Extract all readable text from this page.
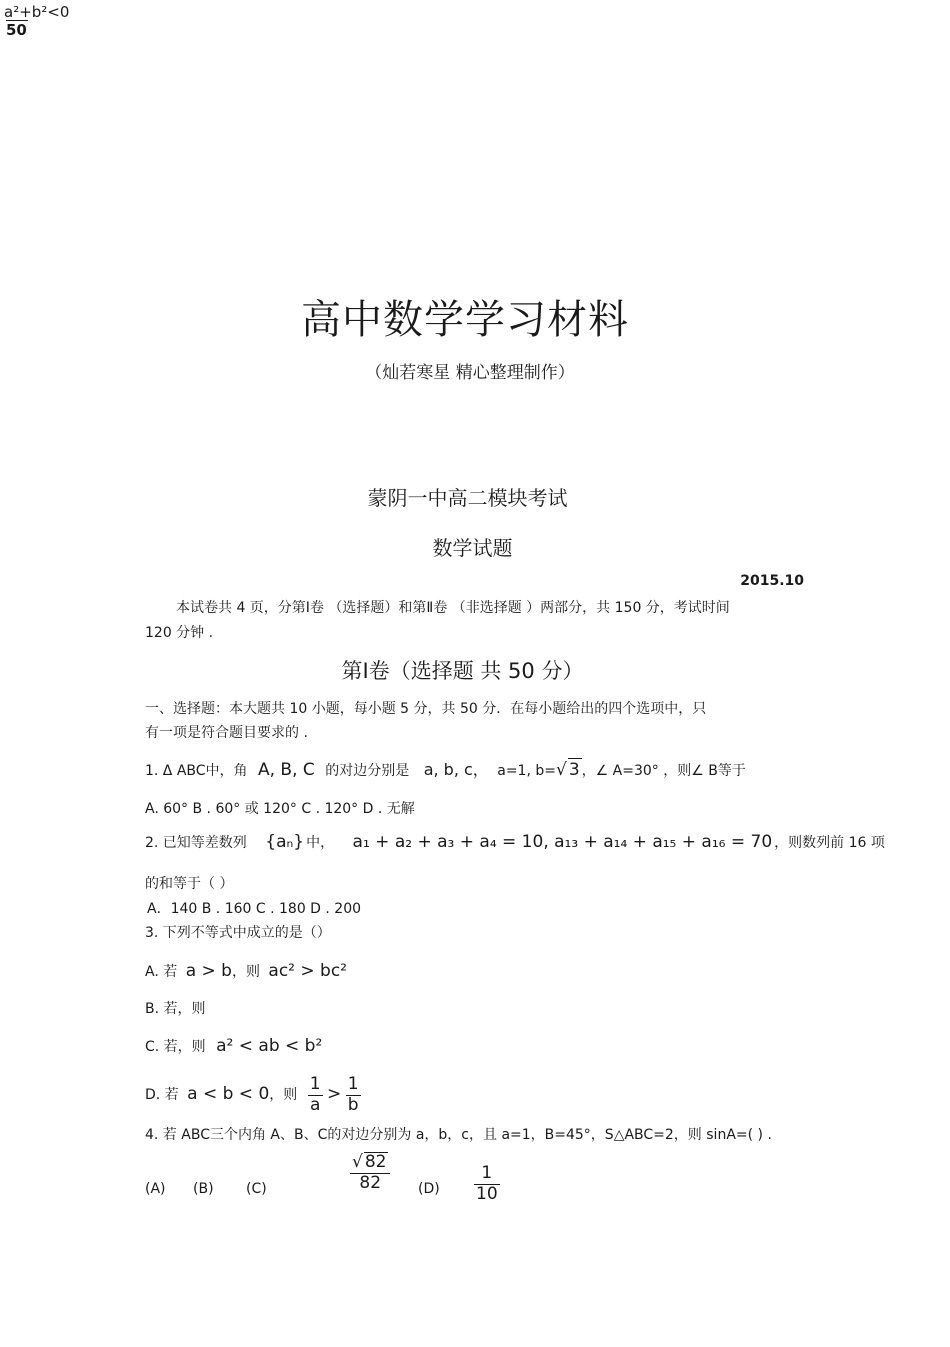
a²+b²<0
50
高中数学学习材料
（灿若寒星 精心整理制作）
蒙阴一中高二模块考试
数学试题
2015.10
本试卷共 4 页，分第Ⅰ卷 （选择题）和第Ⅱ卷 （非选择题 ）两部分，共 150 分，考试时间
120 分钟 .
第Ⅰ卷（选择题 共 50 分）
一、选择题：本大题共 10 小题，每小题 5 分，共 50 分．在每小题给出的四个选项中，只
有一项是符合题目要求的 .
1. Δ ABC中，角 A, B, C 的对边分别是 a, b, c， a=1, b=√ 3 ，∠ A=30° ，则∠ B等于
A. 60° B . 60° 或 120° C . 120° D . 无解
2. 已知等差数列 {aₙ} 中， a₁ + a₂ + a₃ + a₄ = 10, a₁₃ + a₁₄ + a₁₅ + a₁₆ = 70 ，则数列前 16 项
的和等于（ ）
A．140 B . 160 C . 180 D . 200
3. 下列不等式中成立的是（）
A. 若 a > b，则 ac² > bc²
B. 若，则
C. 若，则 a² < ab < b²
D. 若 a < b < 0，则 $\frac{1}{a} > \frac{1}{b}$
4. 若 ABC三个内角 A、B、C的对边分别为 a，b，c，且 a=1，B=45°，S△ABC=2，则 sinA=( ) .
(A) (B) (C)	$\frac{√ 82}{82} (D) \frac{1}{10}$
